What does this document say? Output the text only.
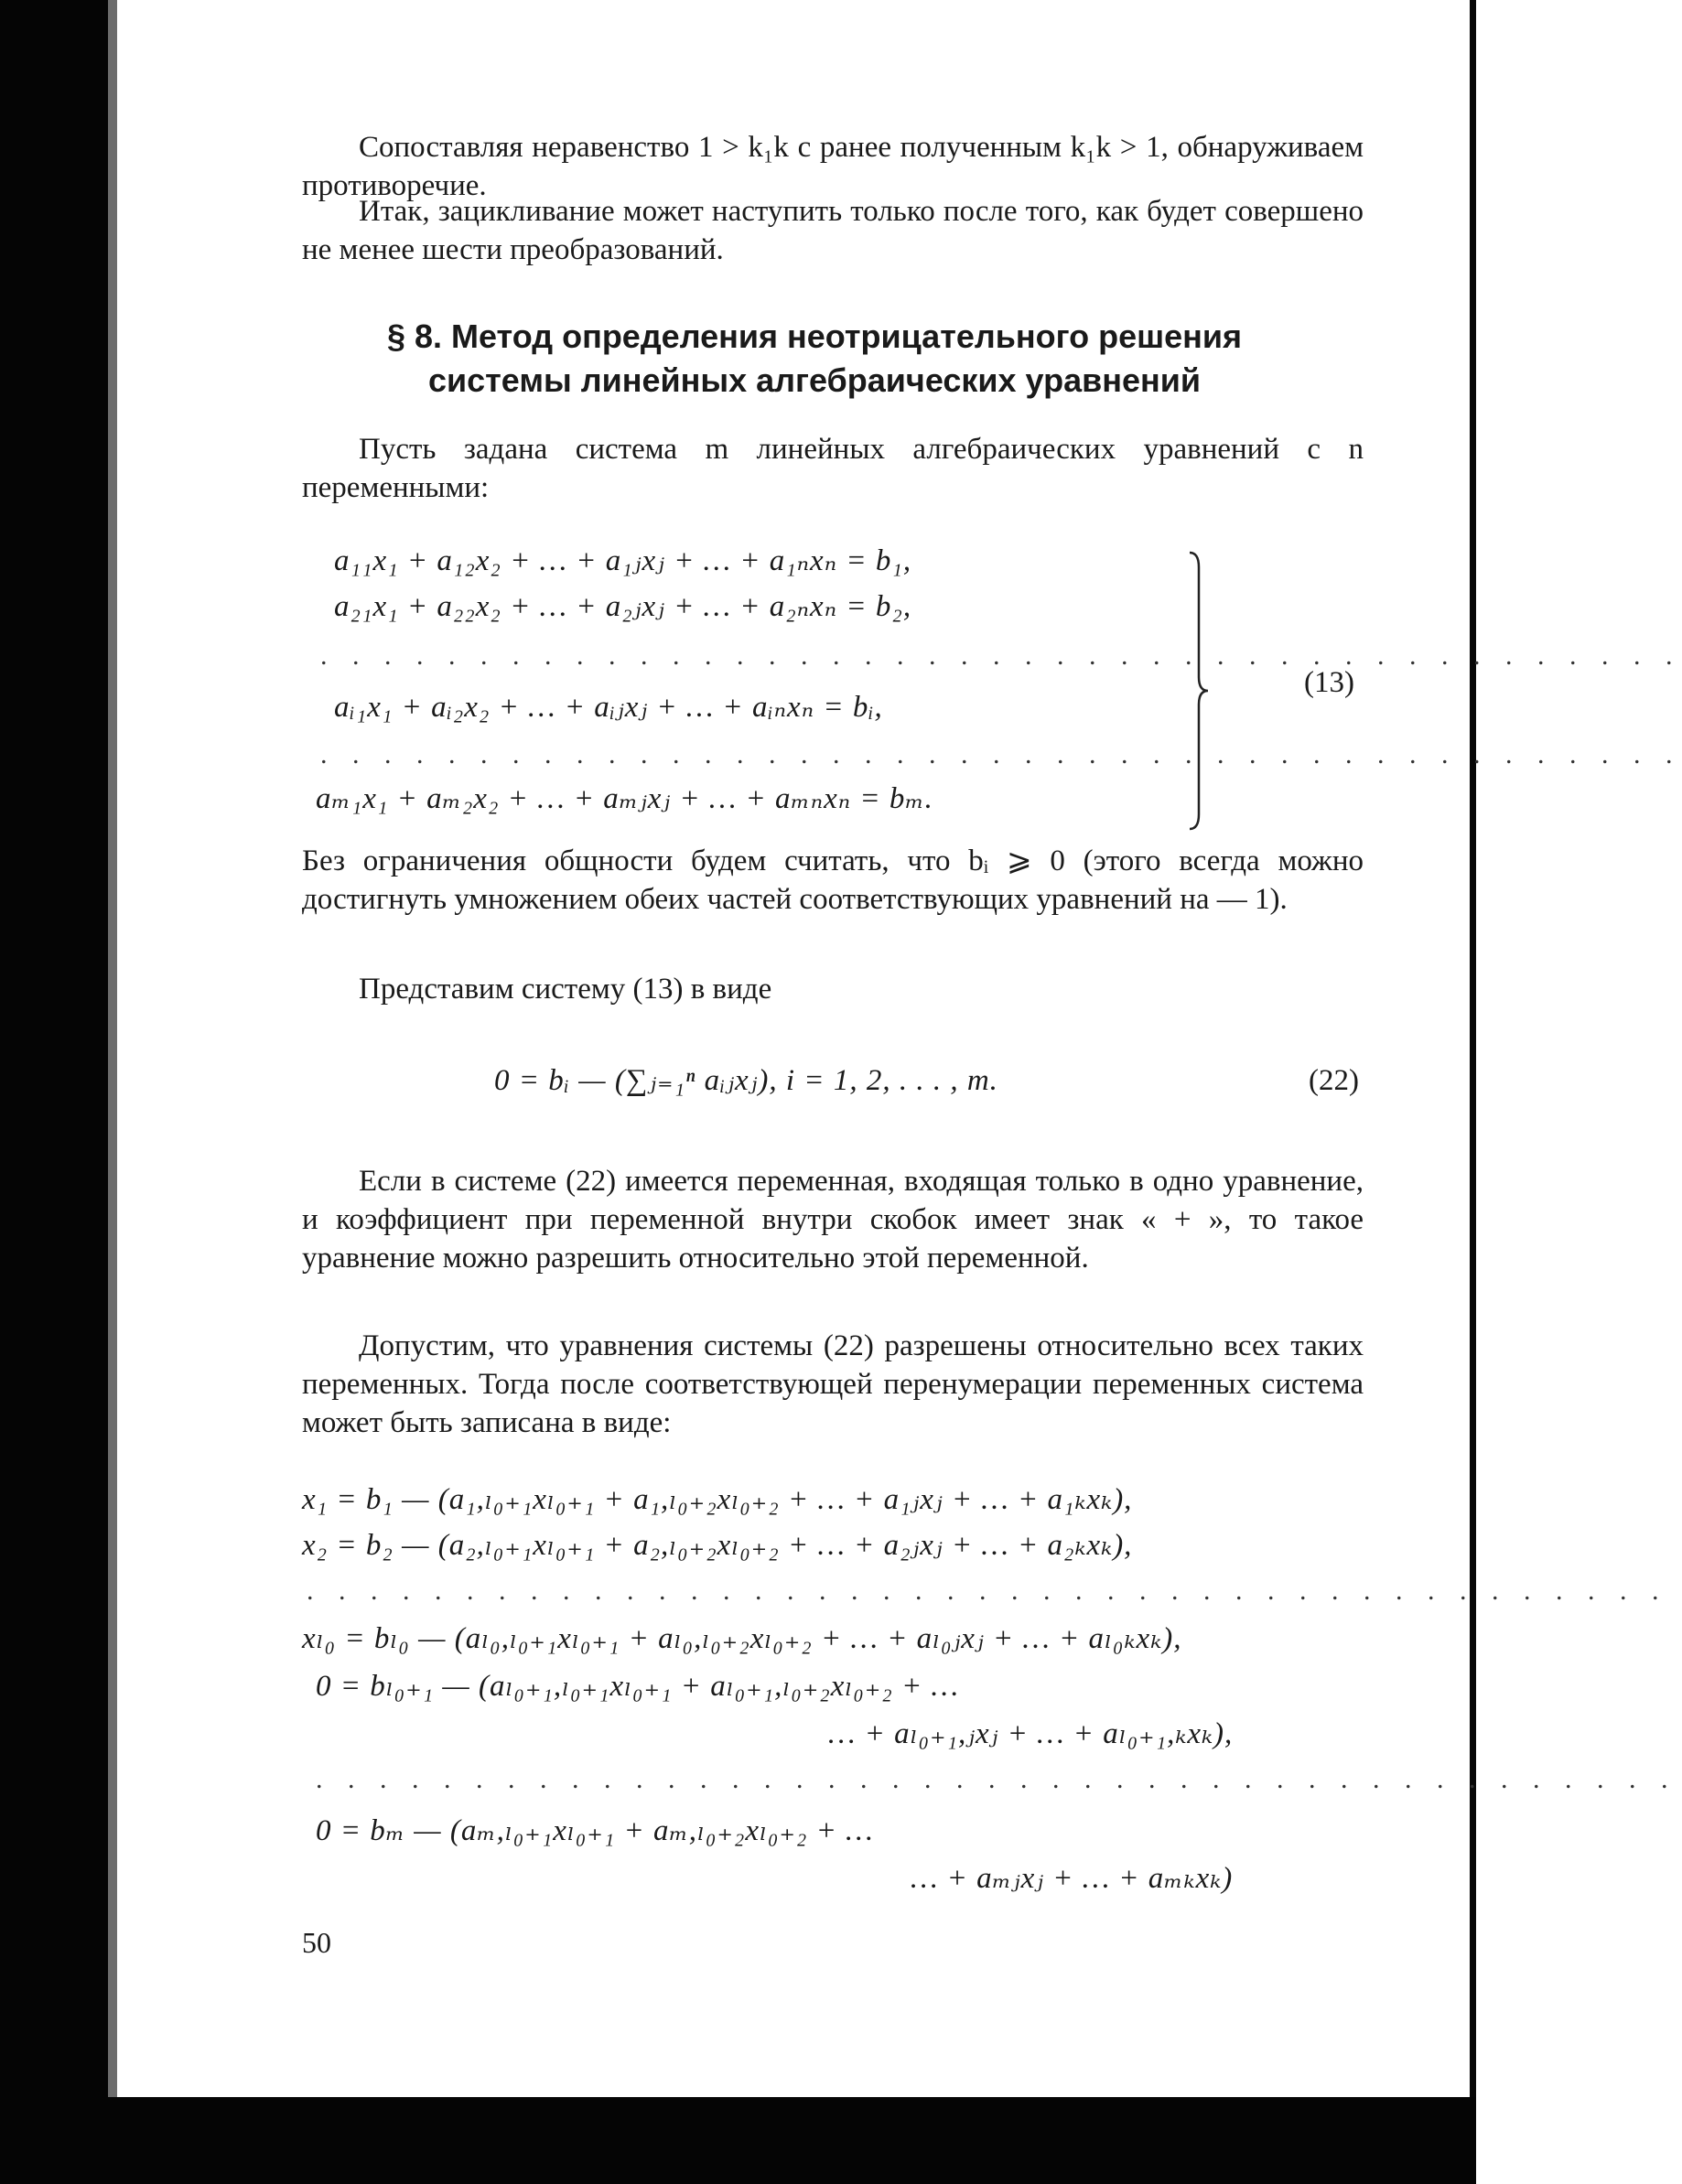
Сопоставляя неравенство 1 > k₁k с ранее полученным k₁k > 1, обнаруживаем противоречие.
Итак, зацикливание может наступить только после того, как будет совершено не менее шести преобразований.
§ 8. Метод определения неотрицательного решения
системы линейных алгебраических уравнений
Пусть задана система m линейных алгебраических уравнений с n переменными:
a₁₁x₁ + a₁₂x₂ + … + a₁ⱼxⱼ + … + a₁ₙxₙ = b₁,
a₂₁x₁ + a₂₂x₂ + … + a₂ⱼxⱼ + … + a₂ₙxₙ = b₂,
. . . . . . . . . . . . . . . . . . . . . . . . . . . . . . . . . . . . . . . . . . .
aᵢ₁x₁ + aᵢ₂x₂ + … + aᵢⱼxⱼ + … + aᵢₙxₙ = bᵢ,
. . . . . . . . . . . . . . . . . . . . . . . . . . . . . . . . . . . . . . . . . . .
aₘ₁x₁ + aₘ₂x₂ + … + aₘⱼxⱼ + … + aₘₙxₙ = bₘ.
(13)
Без ограничения общности будем считать, что bᵢ ⩾ 0 (этого всегда можно достигнуть умножением обеих частей соответствующих уравнений на — 1).
Представим систему (13) в виде
0 = bᵢ — (∑ⱼ₌₁ⁿ aᵢⱼxⱼ), i = 1, 2, . . . , m.	(22)
Если в системе (22) имеется переменная, входящая только в одно уравнение, и коэффициент при переменной внутри скобок имеет знак « + », то такое уравнение можно разрешить относительно этой переменной.
Допустим, что уравнения системы (22) разрешены относительно всех таких переменных. Тогда после соответствующей перенумерации переменных система может быть записана в виде:
x₁ = b₁ — (a₁,ₗ₀₊₁xₗ₀₊₁ + a₁,ₗ₀₊₂xₗ₀₊₂ + … + a₁ⱼxⱼ + … + a₁ₖxₖ),
x₂ = b₂ — (a₂,ₗ₀₊₁xₗ₀₊₁ + a₂,ₗ₀₊₂xₗ₀₊₂ + … + a₂ⱼxⱼ + … + a₂ₖxₖ),
. . . . . . . . . . . . . . . . . . . . . . . . . . . . . . . . . . . . . . . . . . .
xₗ₀ = bₗ₀ — (aₗ₀,ₗ₀₊₁xₗ₀₊₁ + aₗ₀,ₗ₀₊₂xₗ₀₊₂ + … + aₗ₀ⱼxⱼ + … + aₗ₀ₖxₖ),
0 = bₗ₀₊₁ — (aₗ₀₊₁,ₗ₀₊₁xₗ₀₊₁ + aₗ₀₊₁,ₗ₀₊₂xₗ₀₊₂ + …
… + aₗ₀₊₁,ⱼxⱼ + … + aₗ₀₊₁,ₖxₖ),
. . . . . . . . . . . . . . . . . . . . . . . . . . . . . . . . . . . . . . . . . . .
0 = bₘ — (aₘ,ₗ₀₊₁xₗ₀₊₁ + aₘ,ₗ₀₊₂xₗ₀₊₂ + …
… + aₘⱼxⱼ + … + aₘₖxₖ)
50
